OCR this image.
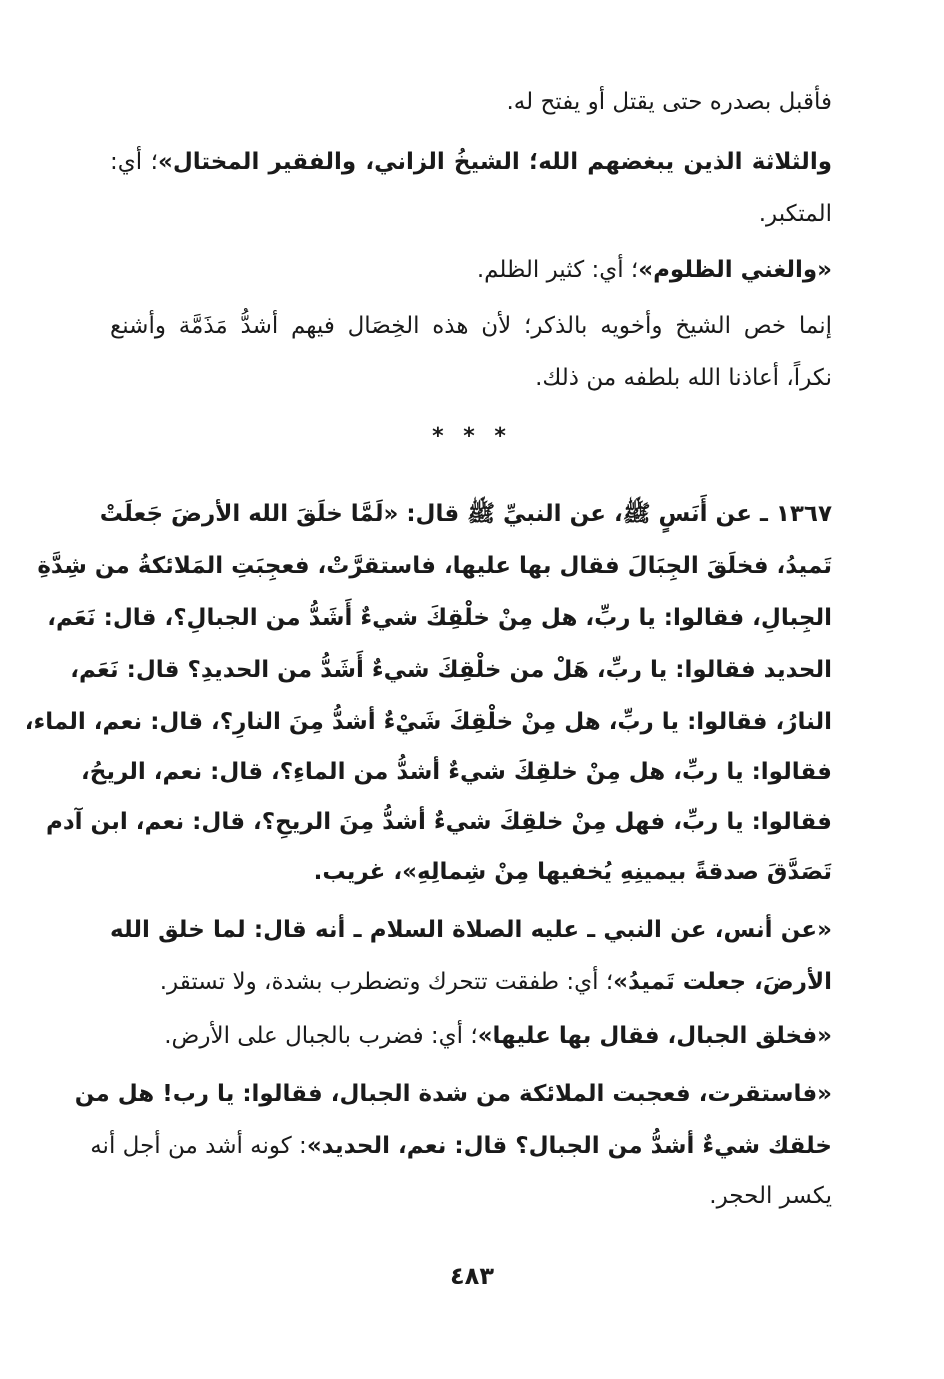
فأقبل بصدره حتى يقتل أو يفتح له.
والثلاثة الذين يبغضهم الله؛ الشيخُ الزاني، والفقير المختال»؛ أي:
المتكبر.
«والغني الظلوم»؛ أي: كثير الظلم.
إنما خص الشيخ وأخويه بالذكر؛ لأن هذه الخِصَال فيهم أشدُّ مَذَمَّة وأشنع
نكراً، أعاذنا الله بلطفه من ذلك.
١٣٦٧ ـ عن أَنَسٍ ﷺ، عن النبيِّ ﷺ قال: «لَمَّا خلَقَ الله الأرضَ جَعلَتْ
تَميدُ، فخلَقَ الجِبَالَ فقال بها عليها، فاستقرَّتْ، فعجِبَتِ المَلائكةُ من شِدَّةِ
الجِبالِ، فقالوا: يا ربِّ، هل مِنْ خلْقِكَ شيءٌ أَشَدُّ من الجبالِ؟، قال: نَعَم،
الحديد فقالوا: يا ربِّ، هَلْ من خلْقِكَ شيءٌ أَشَدُّ من الحديدِ؟ قال: نَعَم،
النارُ، فقالوا: يا ربِّ، هل مِنْ خلْقِكَ شَيْءٌ أشدُّ مِنَ النارِ؟، قال: نعم، الماء،
فقالوا: يا ربِّ، هل مِنْ خلقِكَ شيءٌ أشدُّ من الماءِ؟، قال: نعم، الريحُ،
فقالوا: يا ربِّ، فهل مِنْ خلقِكَ شيءٌ أشدُّ مِنَ الريحِ؟، قال: نعم، ابن آدم
تَصَدَّقَ صدقةً بيمينِهِ يُخفيها مِنْ شِمالِهِ»، غريب.
«عن أنس، عن النبي ـ عليه الصلاة السلام ـ أنه قال: لما خلق الله
الأرضَ، جعلت تَميدُ»؛ أي: طفقت تتحرك وتضطرب بشدة، ولا تستقر.
«فخلق الجبال، فقال بها عليها»؛ أي: فضرب بالجبال على الأرض.
«فاستقرت، فعجبت الملائكة من شدة الجبال، فقالوا: يا رب! هل من
خلقك شيءٌ أشدُّ من الجبال؟ قال: نعم، الحديد»: كونه أشد من أجل أنه
يكسر الحجر.
* * *
٤٨٣
